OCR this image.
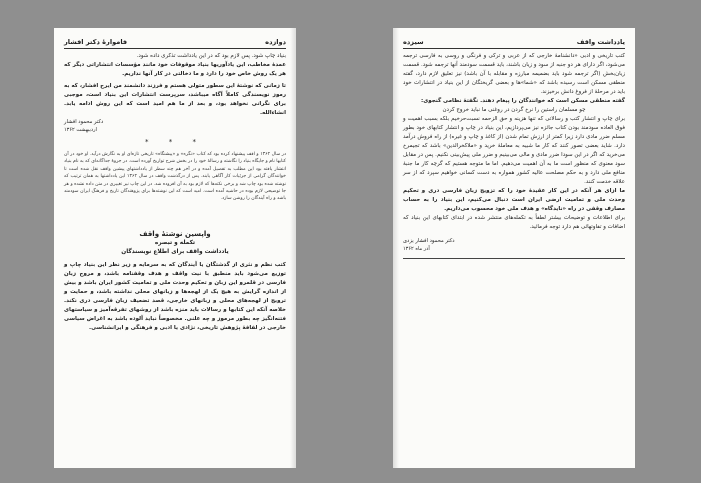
دوازده
فاموارهٔ دکتر افشار

بنیاد چاپ شود. پس لازم بود که در این یادداشت تذکری داده شود.

عمدهٔ مخاطب، این یادآوریها بنیاد موقوفات خود مانند مؤسسات انتشاراتی دیگر که هر یک روش خاص خود را دارد و ما دخالتی در کار آنها نداریم.

تا زمانی که نوشتهٔ این سطور متولی هستم و فرزند دانشمند من ایرج افشار، که به رموز نویسندگی کاملاً آگاه میباشد، سرپرست انتشارات این بنیاد است، موجبی برای نگرانی نخواهد بود، و بعد از ما هم امید است که این روش ادامه یابد. انشاءالله.

دکتر محمود افشار

اردیبهشت ۱۳۶۲

* * *

در سال ۱۳۶۲ و اقف پیشنهاد کرده بود که کتاب «نگره» و «پیشنگاه» تاریخی تازه‌ای او به نگارش درآید. او خود در آن کتابها نام و جایگاه بنیاد را نگاشته و رسالهٔ خود را در بخش شرح تواریخ آورده است. در جزوهٔ جداگانه‌ای که به نام بنیاد انتشار یافته بود این مطلب به تفصیل آمده و در آخر هم چند سطر از یادداشتهای پیشین واقف نقل شده است تا خوانندگان گرامی از جزئیات کار آگاهی یابند. پس از درگذشت واقف در سال ۱۳۶۲ این یادداشتها به همان ترتیب که نوشته شده بود چاپ شد و برخی نکته‌ها که لازم بود به آن افزوده شد. در این چاپ نیز تغییری در متن داده نشده و هر جا توضیحی لازم بوده در حاشیه آمده است. امید است که این نوشته‌ها برای پژوهندگان تاریخ و فرهنگ ایران سودمند باشد و راه آیندگان را روشن سازد.

واپسین نوشتهٔ واقف

تکمله و تبصره

یادداشت واقف برای اطلاع نویسندگان

کتب نظم و نثری از گذشتگان یا آیندگان که به سرمایه و زیر نظر این بنیاد چاپ و توزیع می‌شود باید منطبق با نیت واقف و هدف وقفنامه باشد، و مروج زبان فارسی در قلمرو این زبان و تحکیم وحدت ملی و تمامیت کشور ایران باشد و بیش از اندازه گرایش به هیچ یک از لهجه‌ها و زبانهای محلی نداشته باشد، و حمایت و ترویج از لهجه‌های محلی و زبانهای خارجی، قصد تضعیف زبان فارسی دری نکند. خلاصه آنکه این کتابها و رسالات باید منزه باشد از روشهای تفرقه‌آمیز و سیاستهای فتنه‌انگیز چه بطور مرموز و چه علنی. مخصوصاً نباید آلوده باشد به اغراض سیاسی خارجی در لفافهٔ پژوهش تاریخی، نژادی یا ادبی و فرهنگی و ایرانشناسی.

یادداشت واقف
سیزده

کتب تاریخی و ادبی «دانشنامهٔ خارجی که از عربی و ترکی و فرنگی و روسی به فارسی ترجمه می‌شود، اگر دارای هر دو جنبه از سود و زیان باشند، باید قسمت سودمند آنها ترجمه شود. قسمت زیان‌بخش (اگر ترجمه شود باید بضمیمه مبارزه و مقابله با آن باشد) نیز تعلیق لازم دارد، گفته منطقی مسکن است رسیده باشد که «شما»ها و بعضی گریختگان از این بنیاد در انتشارات خود باید در مرحلهٔ از فروغ دانش برخیزند.

گفته منطقی مسکن است که خوانندگان را پیغام دهند. نگفتهٔ نظامی گنجوی:

چو مسلمان راستین را نرخ گردن در روغنی ما نباید خروج کردن

برای چاپ و انتشار کتب و رسالاتی که تنها هزینه و حق الزحمه نسبت‌حرخیم بلکه بسبب اهمیت و فوق العاده سودمند بودن کتاب جائزه نیز می‌پردازیم، این بنیاد در چاپ و انتشار کتابهای خود بطور مسلم ضرر مادی دارد زیرا کمتر از ارزش تمام شدن (از کاغذ و چاپ و غیره) از راه فروش درآمد دارد. شاید بعضی تصور کنند که کار ما شبیه به معاملهٔ خرید و «ملاکخرالدین» باشد که تجیمرخ می‌خرید که اگر در این سودا ضرر مادی و مالی می‌بینیم و ضرر ملی پیش‌بینی نکنیم. پس در مقابل سود معنوی که منظور است ما به آن اهمیت می‌دهیم. اما ما متوجه هستیم که گرچه کار ما جنبهٔ منافع ملی دارد و به حکم مصلحت عالیه کشور همواره به دست کسانی خواهیم سپرد که از سر علاقه خدمت کنند.

ما ازای هر آنکه در این کار عقیدهٔ خود را که تزویج زبان فارسی دری و تحکیم وحدت ملی و تمامیت ارضی ایران است دنبال می‌کنیم، این بنیاد را به حساب مصارف وقفی در راه «نایدگاه» و هدف ملی خود محسوب می‌داریم.

برای اطلاعات و توضیحات بیشتر لطفاً به تکمله‌های منتشر شده در ابتدای کتابهای این بنیاد که اضافات و تفاوتهائی هم دارد توجه فرمائید.

دکتر محمود افشار یزدی

آذر ماه ۱۳۶۲
